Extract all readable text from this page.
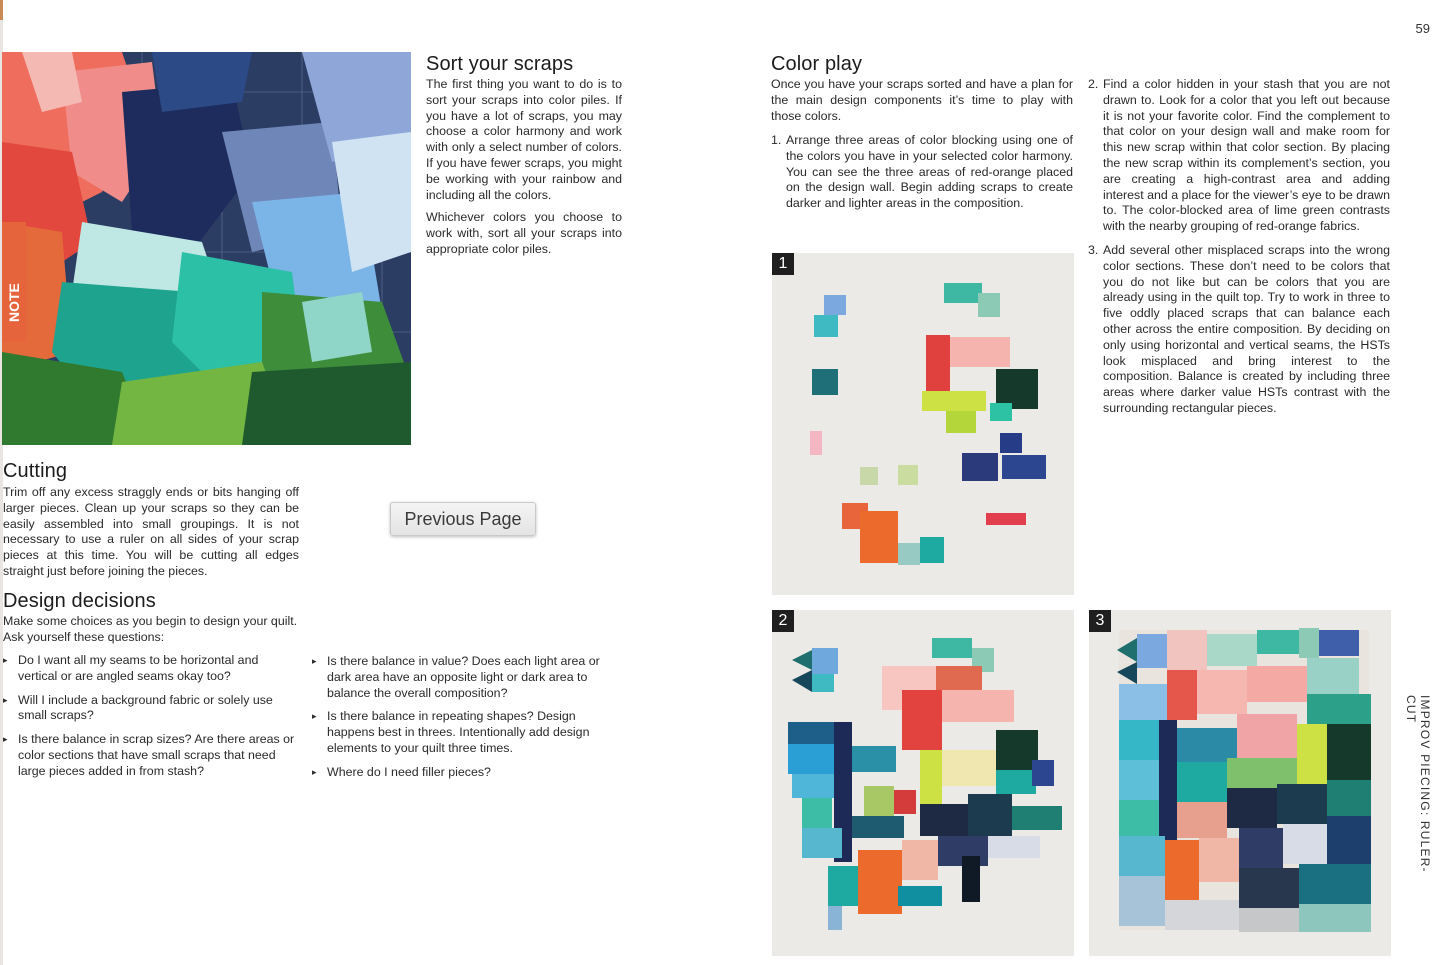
59
NOTE
Sort your scraps

The first thing you want to do is to sort your scraps into color piles. If you have a lot of scraps, you may choose a color harmony and work with only a select number of colors. If you have fewer scraps, you might be working with your rainbow and including all the colors.

Whichever colors you choose to work with, sort all your scraps into appropriate color piles.

Cutting

Trim off any excess straggly ends or bits hanging off larger pieces. Clean up your scraps so they can be easily assembled into small groupings. It is not necessary to use a ruler on all sides of your scrap pieces at this time. You will be cutting all edges straight just before joining the pieces.

Previous Page
Design decisions

Make some choices as you begin to design your quilt. Ask yourself these questions:

▸ Do I want all my seams to be horizontal and vertical or are angled seams okay too?
▸ Will I include a background fabric or solely use small scraps?
▸ Is there balance in scrap sizes? Are there areas or color sections that have small scraps that need large pieces added in from stash?
▸ Is there balance in value? Does each light area or dark area have an opposite light or dark area to balance the overall composition?
▸ Is there balance in repeating shapes? Design happens best in threes. Intentionally add design elements to your quilt three times.
▸ Where do I need filler pieces?
Color play

Once you have your scraps sorted and have a plan for the main design components it’s time to play with those colors.

1. Arrange three areas of color blocking using one of the colors you have in your selected color harmony. You can see the three areas of red-orange placed on the design wall. Begin adding scraps to create darker and lighter areas in the composition.
2. Find a color hidden in your stash that you are not drawn to. Look for a color that you left out because it is not your favorite color. Find the complement to that color on your design wall and make room for this new scrap within that color section. By placing the new scrap within its complement’s section, you are creating a high-contrast area and adding interest and a place for the viewer’s eye to be drawn to. The color-blocked area of lime green contrasts with the nearby grouping of red-orange fabrics.
3. Add several other misplaced scraps into the wrong color sections. These don’t need to be colors that you do not like but can be colors that you are already using in the quilt top. Try to work in three to five oddly placed scraps that can balance each other across the entire composition. By deciding on only using horizontal and vertical seams, the HSTs look misplaced and bring interest to the composition. Balance is created by including three areas where darker value HSTs contrast with the surrounding rectangular pieces.
1
2	3
IMPROV PIECING: RULER-CUT
